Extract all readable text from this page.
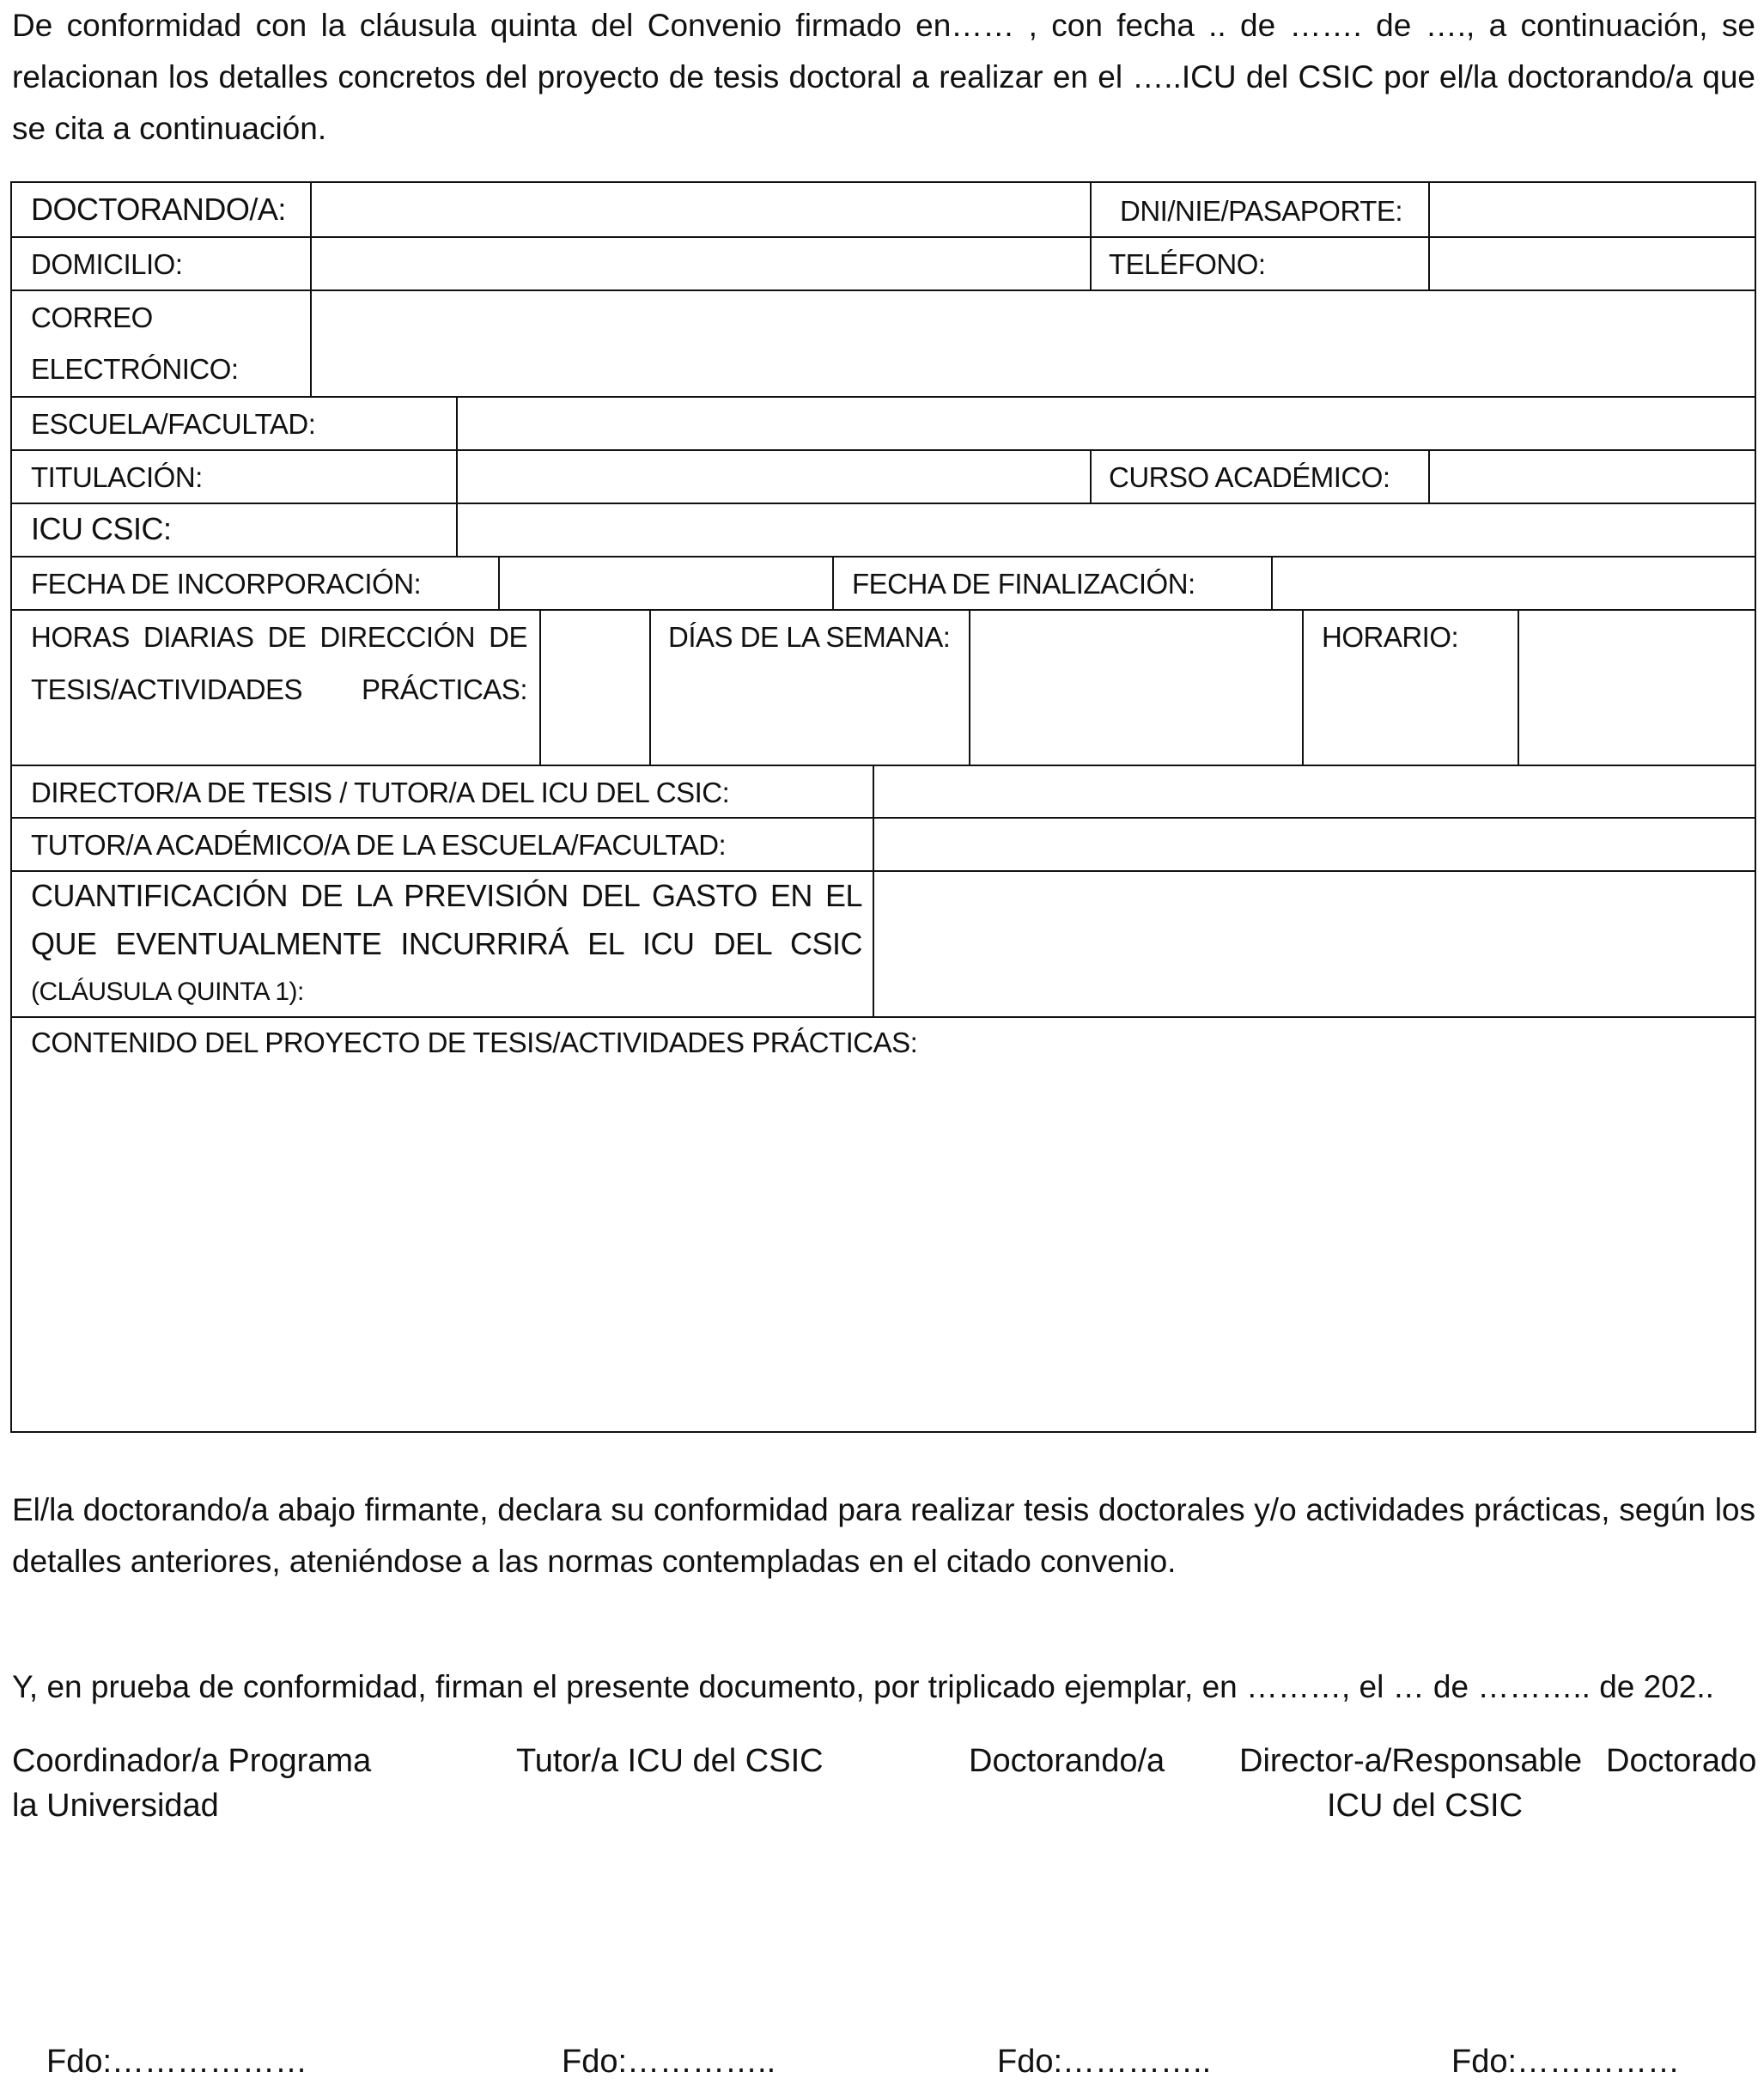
De conformidad con la cláusula quinta del Convenio firmado en…… , con fecha .. de ……. de …., a continuación, se relacionan los detalles concretos del proyecto de tesis doctoral a realizar en el …..ICU del CSIC por el/la doctorando/a que se cita a continuación.

DOCTORANDO/A:	DNI/NIE/PASAPORTE:
DOMICILIO:	TELÉFONO:
CORREO
ELECTRÓNICO:
ESCUELA/FACULTAD:
TITULACIÓN:	CURSO ACADÉMICO:
ICU CSIC:
FECHA DE INCORPORACIÓN:	FECHA DE FINALIZACIÓN:
HORAS DIARIAS DE DIRECCIÓN DE TESIS/ACTIVIDADES PRÁCTICAS:
DÍAS DE LA SEMANA:	HORARIO:
DIRECTOR/A DE TESIS / TUTOR/A DEL ICU DEL CSIC:
TUTOR/A ACADÉMICO/A DE LA ESCUELA/FACULTAD:
CUANTIFICACIÓN DE LA PREVISIÓN DEL GASTO EN EL QUE EVENTUALMENTE INCURRIRÁ EL ICU DEL CSIC
(CLÁUSULA QUINTA 1):
CONTENIDO DEL PROYECTO DE TESIS/ACTIVIDADES PRÁCTICAS:

El/la doctorando/a abajo firmante, declara su conformidad para realizar tesis doctorales y/o actividades prácticas, según los detalles anteriores, ateniéndose a las normas contempladas en el citado convenio.

Y, en prueba de conformidad, firman el presente documento, por triplicado ejemplar, en ………, el … de ……….. de 202..

Coordinador/a Programa
la Universidad
Tutor/a ICU del CSIC	Doctorando/a Director-a/Responsable
ICU del CSIC
Doctorado
Fdo:………………	Fdo:…………..	Fdo:…………..	Fdo:……………
